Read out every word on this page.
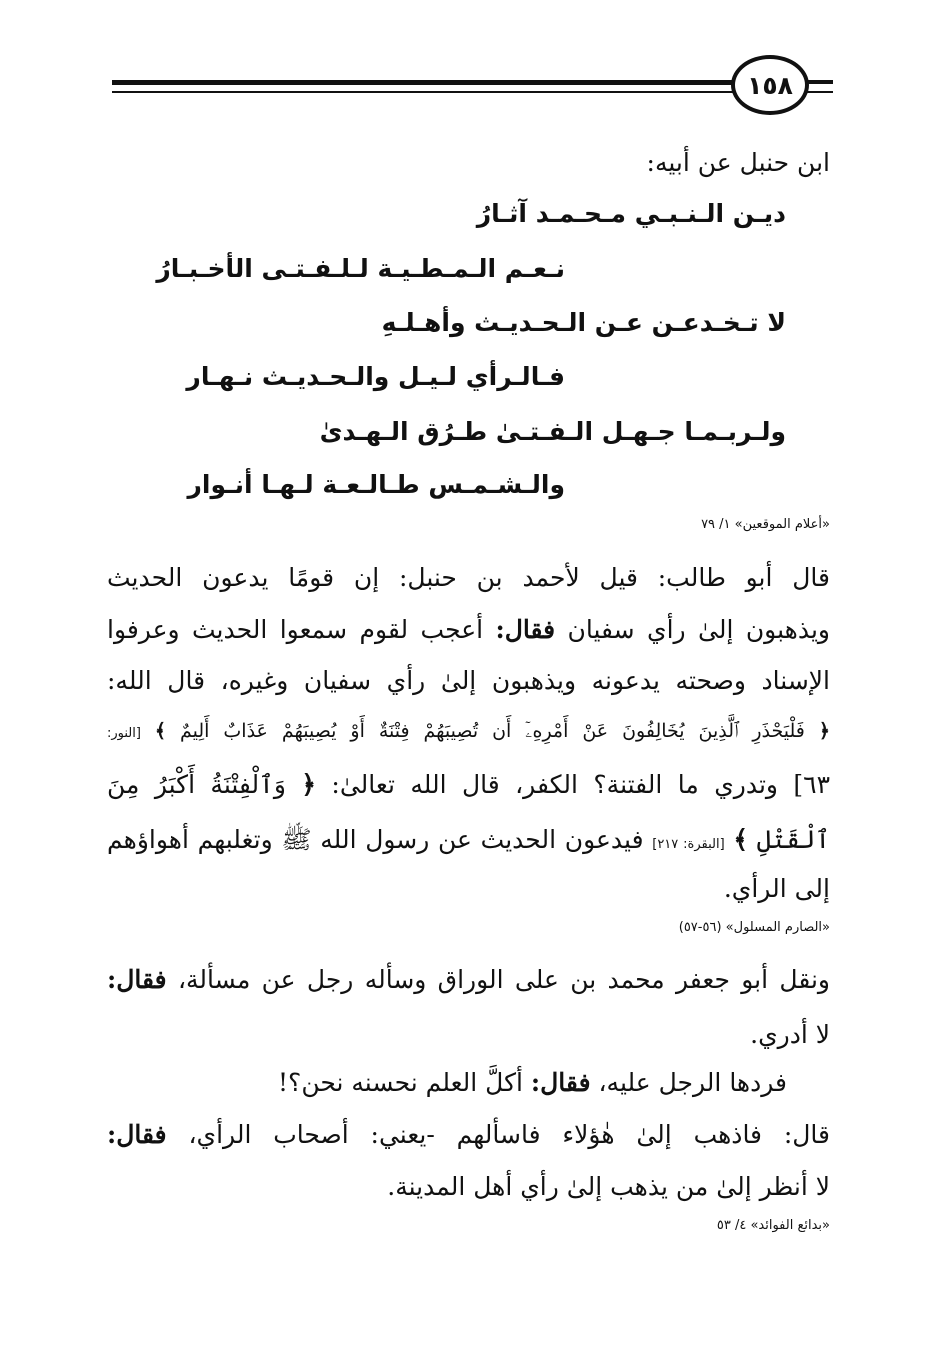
١٥٨
ابن حنبل عن أبيه:
ديـن الـنـبـي مـحـمـد آثـارُ
نـعـم الـمـطـيـة لـلـفـتـى الأخـبـارُ
لا تـخـدعـن عـن الـحـديـث وأهـلـهِ
فـالـرأي لـيـل والـحـديـث نـهـار
ولـربـمـا جـهـل الـفـتـىٰ طـرُق الـهـدىٰ
والـشـمـس طـالـعـة لـهـا أنـوار
«أعلام الموقعين» ١/ ٧٩
قال أبو طالب: قيل لأحمد بن حنبل: إن قومًا يدعون الحديث
ويذهبون إلىٰ رأي سفيان فقال: أعجب لقوم سمعوا الحديث وعرفوا
الإسناد وصحته يدعونه ويذهبون إلىٰ رأي سفيان وغيره، قال الله:
﴿ فَلْيَحْذَرِ ٱلَّذِينَ يُخَالِفُونَ عَنْ أَمْرِهِۦٓ أَن تُصِيبَهُمْ فِتْنَةٌ أَوْ يُصِيبَهُمْ عَذَابٌ أَلِيمٌ ﴾ [النور:
٦٣] وتدري ما الفتنة؟ الكفر، قال الله تعالىٰ: ﴿ وَٱلْفِتْنَةُ أَكْبَرُ مِنَ
ٱلْقَتْلِ ﴾ [البقرة: ٢١٧] فيدعون الحديث عن رسول الله ﷺ وتغلبهم أهواؤهم
إلى الرأي.
«الصارم المسلول» (٥٦-٥٧)
ونقل أبو جعفر محمد بن على الوراق وسأله رجل عن مسألة، فقال:
لا أدري.
فردها الرجل عليه، فقال: أكلَّ العلم نحسنه نحن؟!
قال: فاذهب إلىٰ هٰؤلاء فاسألهم -يعني: أصحاب الرأي، فقال:
لا أنظر إلىٰ من يذهب إلىٰ رأي أهل المدينة.
«بدائع الفوائد» ٤/ ٥٣
